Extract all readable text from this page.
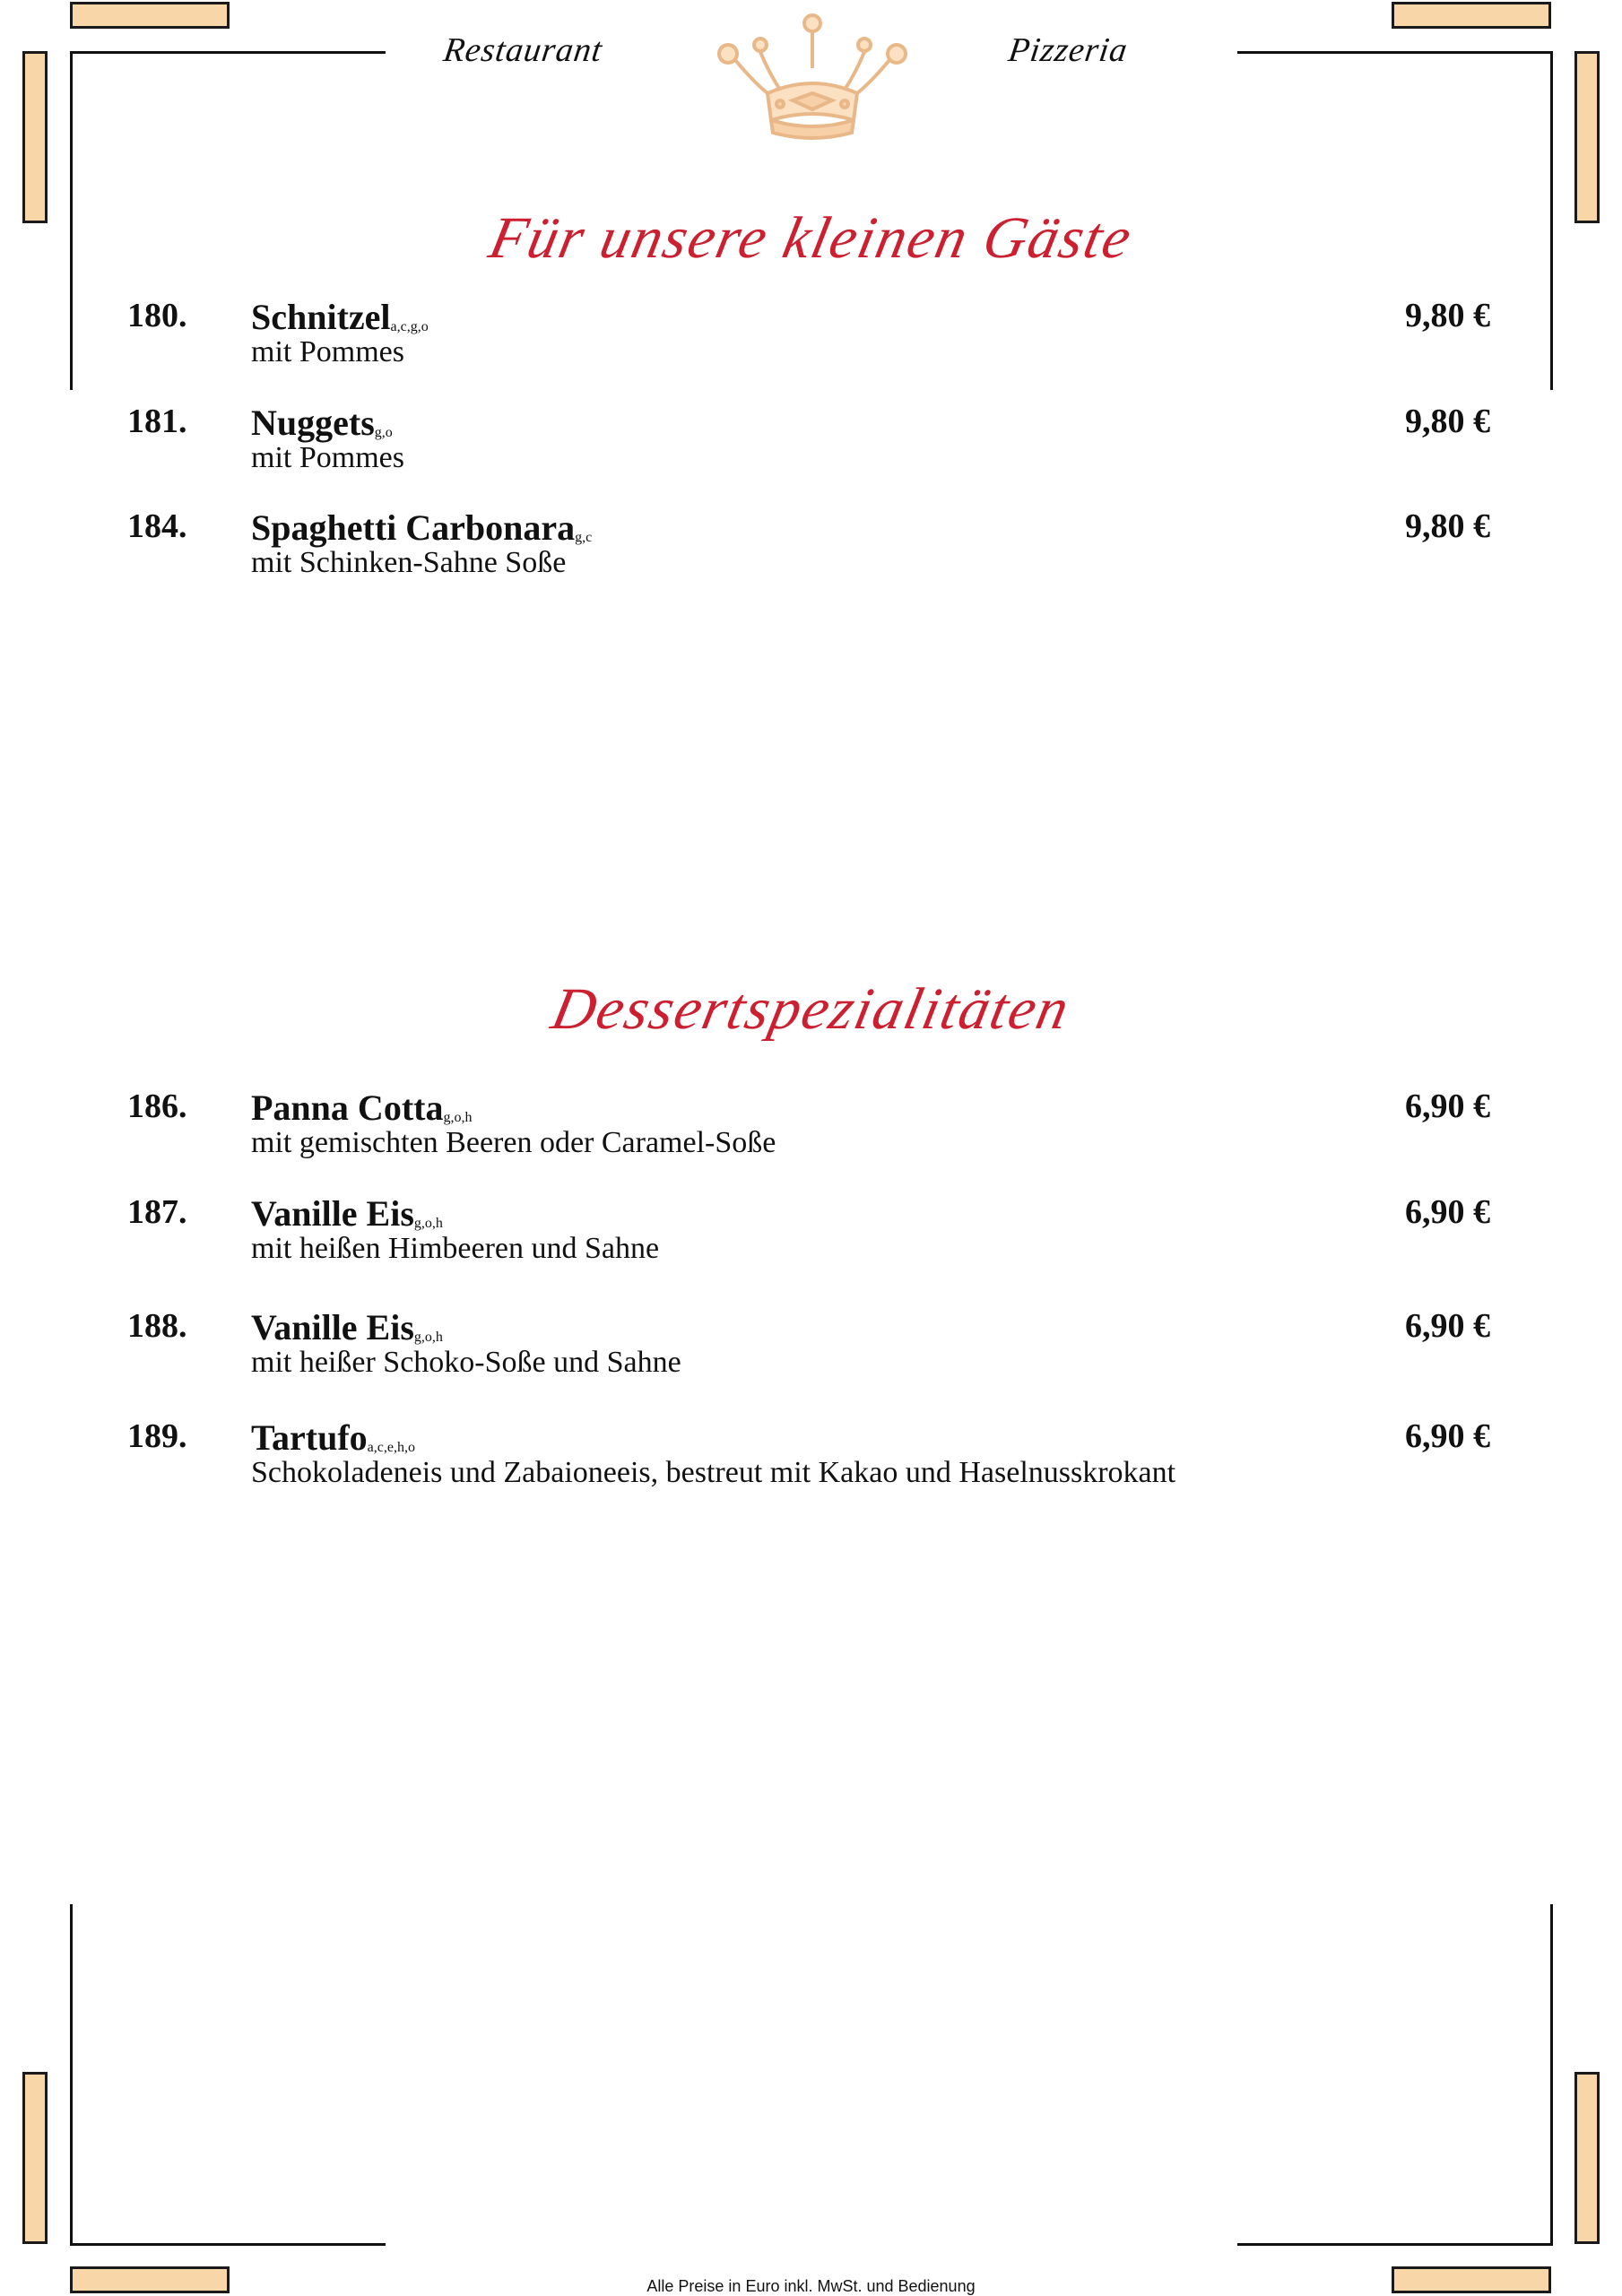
Restaurant	Pizzeria
Für unsere kleinen Gäste
180. Schnitzel$_{a,c,g,o}$	9,80 €
mit Pommes
181. Nuggets$_{g,o}$	9,80 €
mit Pommes
184. Spaghetti Carbonara$_{g,c}$	9,80 €
mit Schinken-Sahne Soße
Dessertspezialitäten
186. Panna Cotta$_{g,o,h}$	6,90 €
mit gemischten Beeren oder Caramel-Soße
187. Vanille Eis$_{g,o,h}$	6,90 €
mit heißen Himbeeren und Sahne
188. Vanille Eis$_{g,o,h}$	6,90 €
mit heißer Schoko-Soße und Sahne
189. Tartufo$_{a,c,e,h,o}$	6,90 €
Schokoladeneis und Zabaioneeis, bestreut mit Kakao und Haselnusskrokant
Alle Preise in Euro inkl. MwSt. und Bedienung
